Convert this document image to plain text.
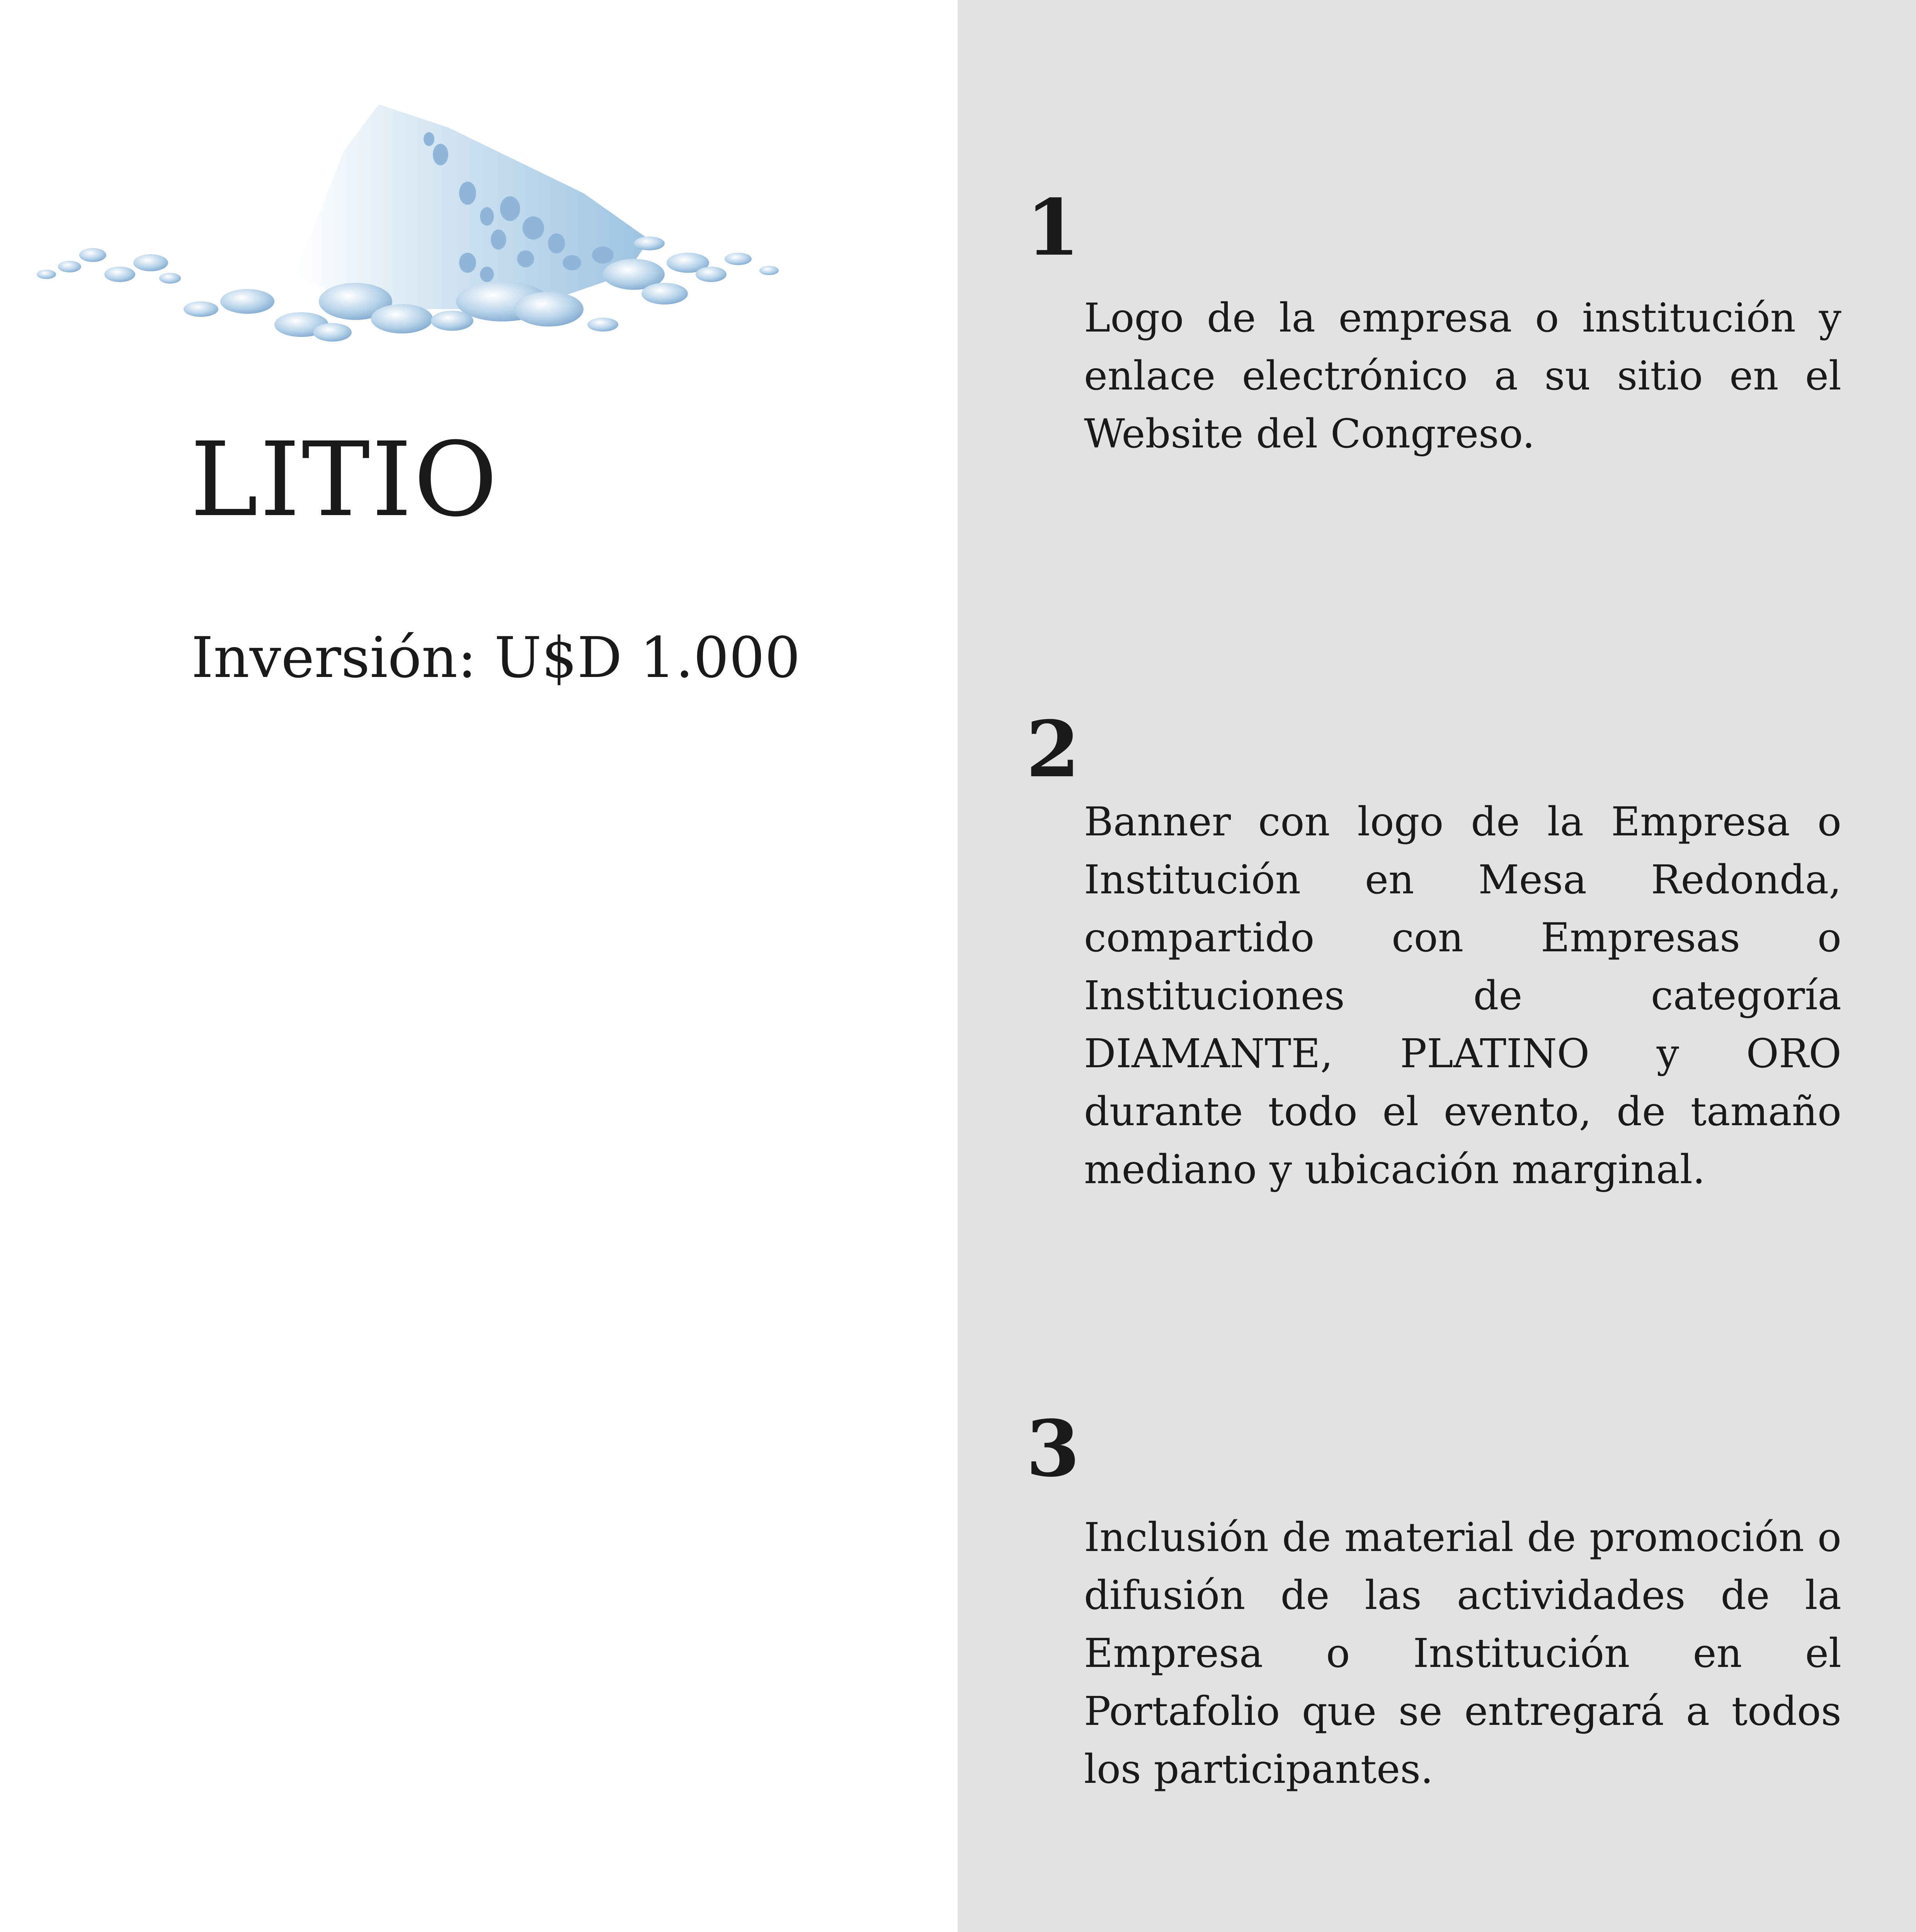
LITIO
Inversión: U$D 1.000
1

Logo de la empresa o institución y enlace electrónico a su sitio en el Website del Congreso.

2

Banner con logo de la Empresa o Institución en Mesa Redonda, compartido con Empresas o Instituciones de categoría DIAMANTE, PLATINO y ORO durante todo el evento, de tamaño mediano y ubicación marginal.

3

Inclusión de material de promoción o difusión de las actividades de la Empresa o Institución en el Portafolio que se entregará a todos los participantes.
